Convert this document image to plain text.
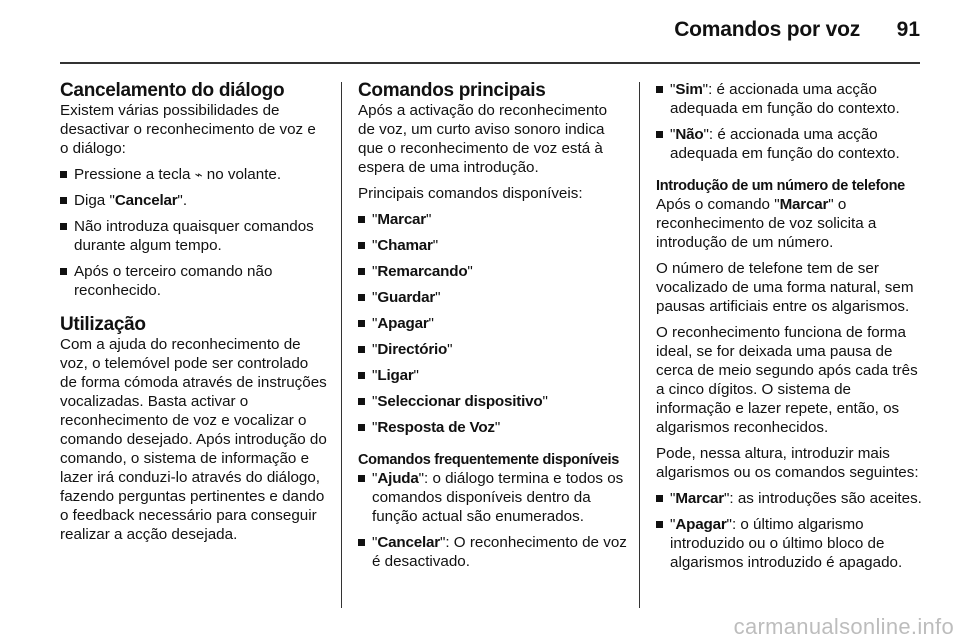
Comandos por voz	91
Cancelamento do diálogo

Existem várias possibilidades de desactivar o reconhecimento de voz e o diálogo:

Pressione a tecla ⌁ no volante.
Diga "Cancelar".
Não introduza quaisquer comandos durante algum tempo.
Após o terceiro comando não reconhecido.
Utilização

Com a ajuda do reconhecimento de voz, o telemóvel pode ser controlado de forma cómoda através de instruções vocalizadas. Basta activar o reconhecimento de voz e vocalizar o comando desejado. Após introdução do comando, o sistema de informação e lazer irá conduzi-lo através do diálogo, fazendo perguntas pertinentes e dando o feedback necessário para conseguir realizar a acção desejada.

Comandos principais

Após a activação do reconhecimento de voz, um curto aviso sonoro indica que o reconhecimento de voz está à espera de uma introdução.

Principais comandos disponíveis:

"Marcar"
"Chamar"
"Remarcando"
"Guardar"
"Apagar"
"Directório"
"Ligar"
"Seleccionar dispositivo"
"Resposta de Voz"
Comandos frequentemente disponíveis
"Ajuda": o diálogo termina e todos os comandos disponíveis dentro da função actual são enumerados.
"Cancelar": O reconhecimento de voz é desactivado.
"Sim": é accionada uma acção adequada em função do contexto.
"Não": é accionada uma acção adequada em função do contexto.
Introdução de um número de telefone

Após o comando "Marcar" o reconhecimento de voz solicita a introdução de um número.

O número de telefone tem de ser vocalizado de uma forma natural, sem pausas artificiais entre os algarismos.

O reconhecimento funciona de forma ideal, se for deixada uma pausa de cerca de meio segundo após cada três a cinco dígitos. O sistema de informação e lazer repete, então, os algarismos reconhecidos.

Pode, nessa altura, introduzir mais algarismos ou os comandos seguintes:

"Marcar": as introduções são aceites.
"Apagar": o último algarismo introduzido ou o último bloco de algarismos introduzido é apagado.
carmanualsonline.info
